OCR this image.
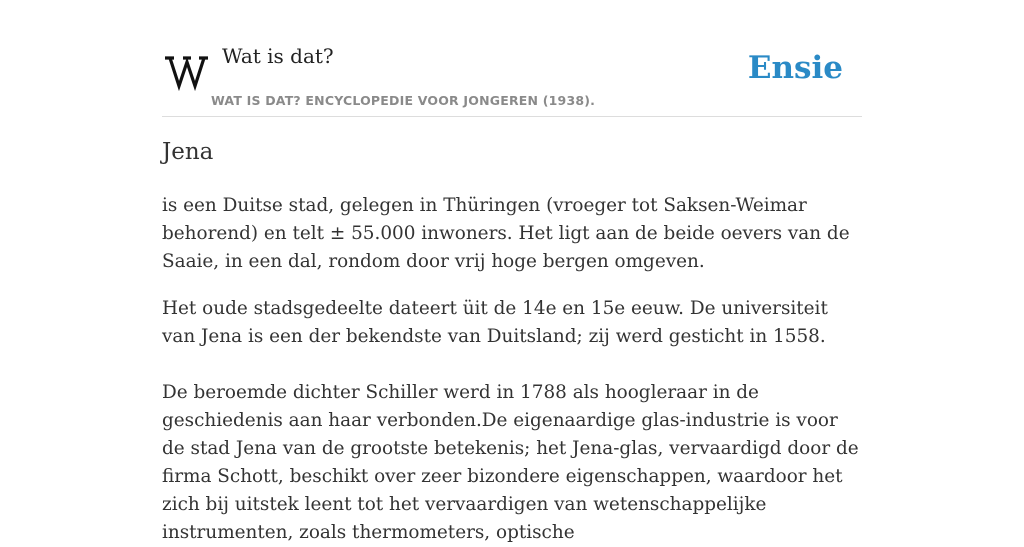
Wat is dat?
WAT IS DAT? ENCYCLOPEDIE VOOR JONGEREN (1938).
Ensie
Jena

is een Duitse stad, gelegen in Thüringen (vroeger tot Saksen-Weimar behorend) en telt ± 55.000 inwoners. Het ligt aan de beide oevers van de Saaie, in een dal, rondom door vrij hoge bergen omgeven.

Het oude stadsgedeelte dateert üit de 14e en 15e eeuw. De universiteit van Jena is een der bekendste van Duitsland; zij werd gesticht in 1558.

De beroemde dichter Schiller werd in 1788 als hoogleraar in de geschiedenis aan haar verbonden.De eigenaardige glas-industrie is voor de stad Jena van de grootste betekenis; het Jena-glas, vervaardigd door de firma Schott, beschikt over zeer bizondere eigenschappen, waardoor het zich bij uitstek leent tot het vervaardigen van wetenschappelijke instrumenten, zoals thermometers, optische
